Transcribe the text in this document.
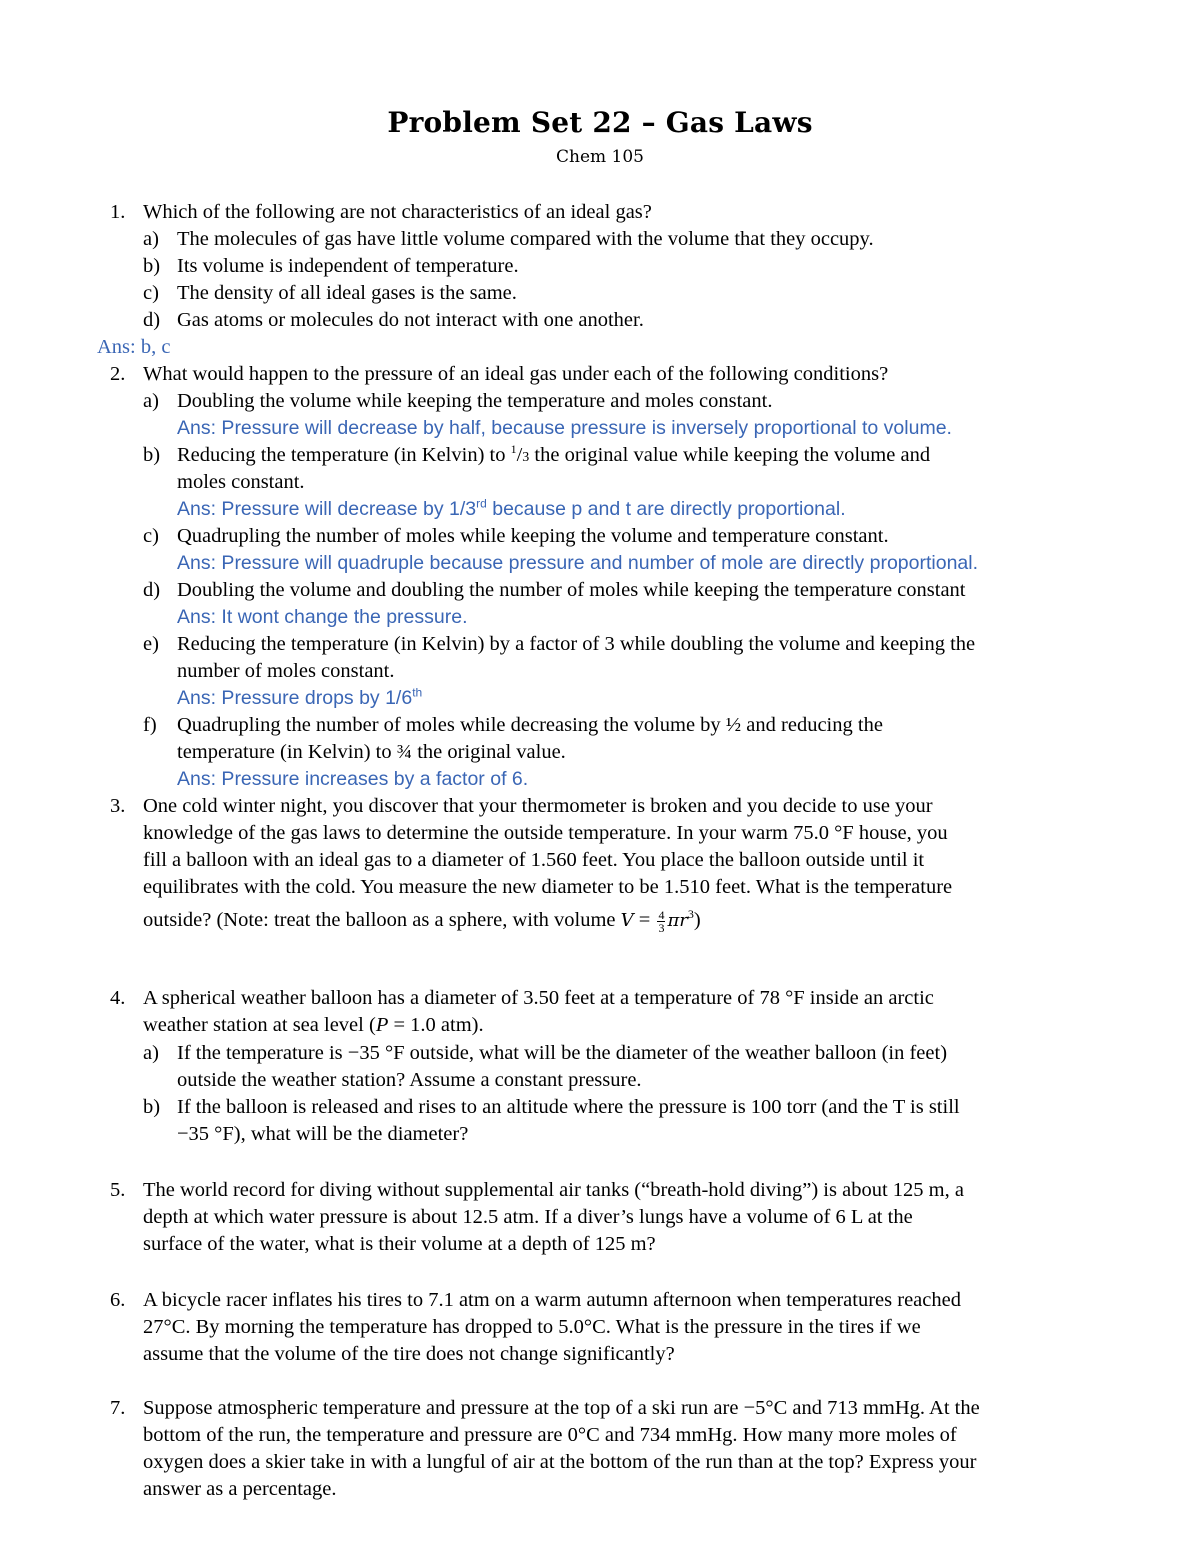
Problem Set 22 – Gas Laws
Chem 105
1. Which of the following are not characteristics of an ideal gas?
a) The molecules of gas have little volume compared with the volume that they occupy.
b) Its volume is independent of temperature.
c) The density of all ideal gases is the same.
d) Gas atoms or molecules do not interact with one another.
Ans: b, c
2. What would happen to the pressure of an ideal gas under each of the following conditions?
a) Doubling the volume while keeping the temperature and moles constant.
Ans: Pressure will decrease by half, because pressure is inversely proportional to volume.
b) Reducing the temperature (in Kelvin) to $^1$/3 the original value while keeping the volume and
moles constant.
Ans: Pressure will decrease by 1/3rd because p and t are directly proportional.
c) Quadrupling the number of moles while keeping the volume and temperature constant.
Ans: Pressure will quadruple because pressure and number of mole are directly proportional.
d) Doubling the volume and doubling the number of moles while keeping the temperature constant
Ans: It wont change the pressure.
e) Reducing the temperature (in Kelvin) by a factor of 3 while doubling the volume and keeping the
number of moles constant.
Ans: Pressure drops by 1/6th
f) Quadrupling the number of moles while decreasing the volume by ½ and reducing the
temperature (in Kelvin) to ¾ the original value.
Ans: Pressure increases by a factor of 6.
3. One cold winter night, you discover that your thermometer is broken and you decide to use your
knowledge of the gas laws to determine the outside temperature. In your warm 75.0 °F house, you
fill a balloon with an ideal gas to a diameter of 1.560 feet. You place the balloon outside until it
equilibrates with the cold. You measure the new diameter to be 1.510 feet. What is the temperature
outside? (Note: treat the balloon as a sphere, with volume $V = \frac{4}{3} \pi r^3$)
4. A spherical weather balloon has a diameter of 3.50 feet at a temperature of 78 °F inside an arctic
weather station at sea level (P = 1.0 atm).
a) If the temperature is −35 °F outside, what will be the diameter of the weather balloon (in feet)
outside the weather station? Assume a constant pressure.
b) If the balloon is released and rises to an altitude where the pressure is 100 torr (and the T is still
−35 °F), what will be the diameter?
5. The world record for diving without supplemental air tanks (“breath-hold diving”) is about 125 m, a
depth at which water pressure is about 12.5 atm. If a diver’s lungs have a volume of 6 L at the
surface of the water, what is their volume at a depth of 125 m?
6. A bicycle racer inflates his tires to 7.1 atm on a warm autumn afternoon when temperatures reached
27°C. By morning the temperature has dropped to 5.0°C. What is the pressure in the tires if we
assume that the volume of the tire does not change significantly?
7. Suppose atmospheric temperature and pressure at the top of a ski run are −5°C and 713 mmHg. At the
bottom of the run, the temperature and pressure are 0°C and 734 mmHg. How many more moles of
oxygen does a skier take in with a lungful of air at the bottom of the run than at the top? Express your
answer as a percentage.
